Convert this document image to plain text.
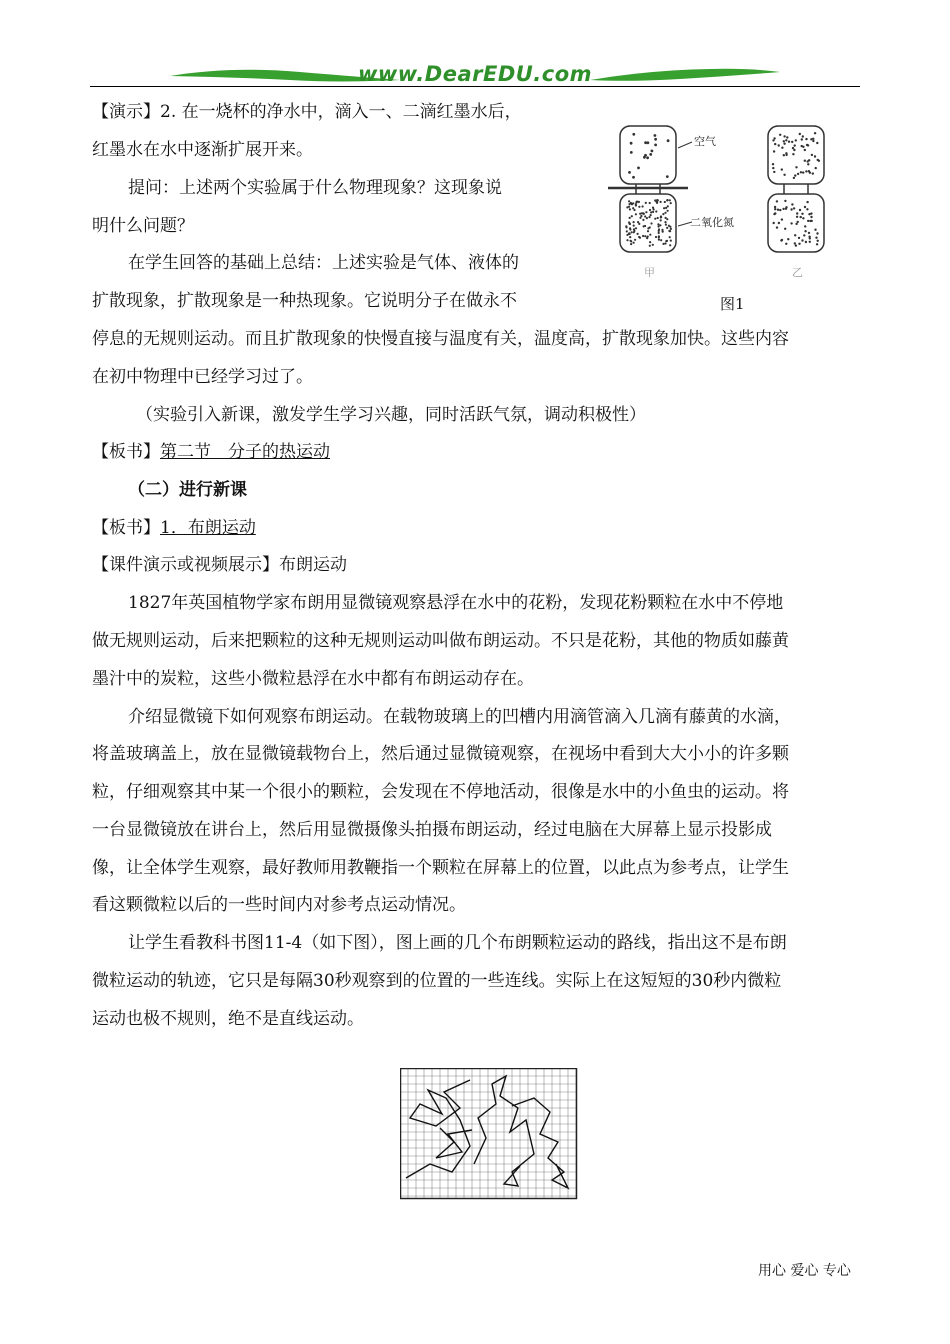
www.DearEDU.com
【演示】2. 在一烧杯的净水中，滴入一、二滴红墨水后，
红墨水在水中逐渐扩展开来。
提问：上述两个实验属于什么物理现象？这现象说
明什么问题？
在学生回答的基础上总结：上述实验是气体、液体的
扩散现象，扩散现象是一种热现象。它说明分子在做永不
停息的无规则运动。而且扩散现象的快慢直接与温度有关，温度高，扩散现象加快。这些内容
在初中物理中已经学习过了。
（实验引入新课，激发学生学习兴趣，同时活跃气氛，调动积极性）
【板书】第二节　分子的热运动
（二）进行新课
【板书】1．布朗运动
【课件演示或视频展示】布朗运动
1827年英国植物学家布朗用显微镜观察悬浮在水中的花粉，发现花粉颗粒在水中不停地
做无规则运动，后来把颗粒的这种无规则运动叫做布朗运动。不只是花粉，其他的物质如藤黄
墨汁中的炭粒，这些小微粒悬浮在水中都有布朗运动存在。
介绍显微镜下如何观察布朗运动。在载物玻璃上的凹槽内用滴管滴入几滴有藤黄的水滴，
将盖玻璃盖上，放在显微镜载物台上，然后通过显微镜观察，在视场中看到大大小小的许多颗
粒，仔细观察其中某一个很小的颗粒，会发现在不停地活动，很像是水中的小鱼虫的运动。将
一台显微镜放在讲台上，然后用显微摄像头拍摄布朗运动，经过电脑在大屏幕上显示投影成
像，让全体学生观察，最好教师用教鞭指一个颗粒在屏幕上的位置，以此点为参考点，让学生
看这颗微粒以后的一些时间内对参考点运动情况。
让学生看教科书图11-4（如下图），图上画的几个布朗颗粒运动的路线，指出这不是布朗
微粒运动的轨迹，它只是每隔30秒观察到的位置的一些连线。实际上在这短短的30秒内微粒
运动也极不规则，绝不是直线运动。
空气
二氧化氮
甲	乙
图1
用心 爱心 专心
